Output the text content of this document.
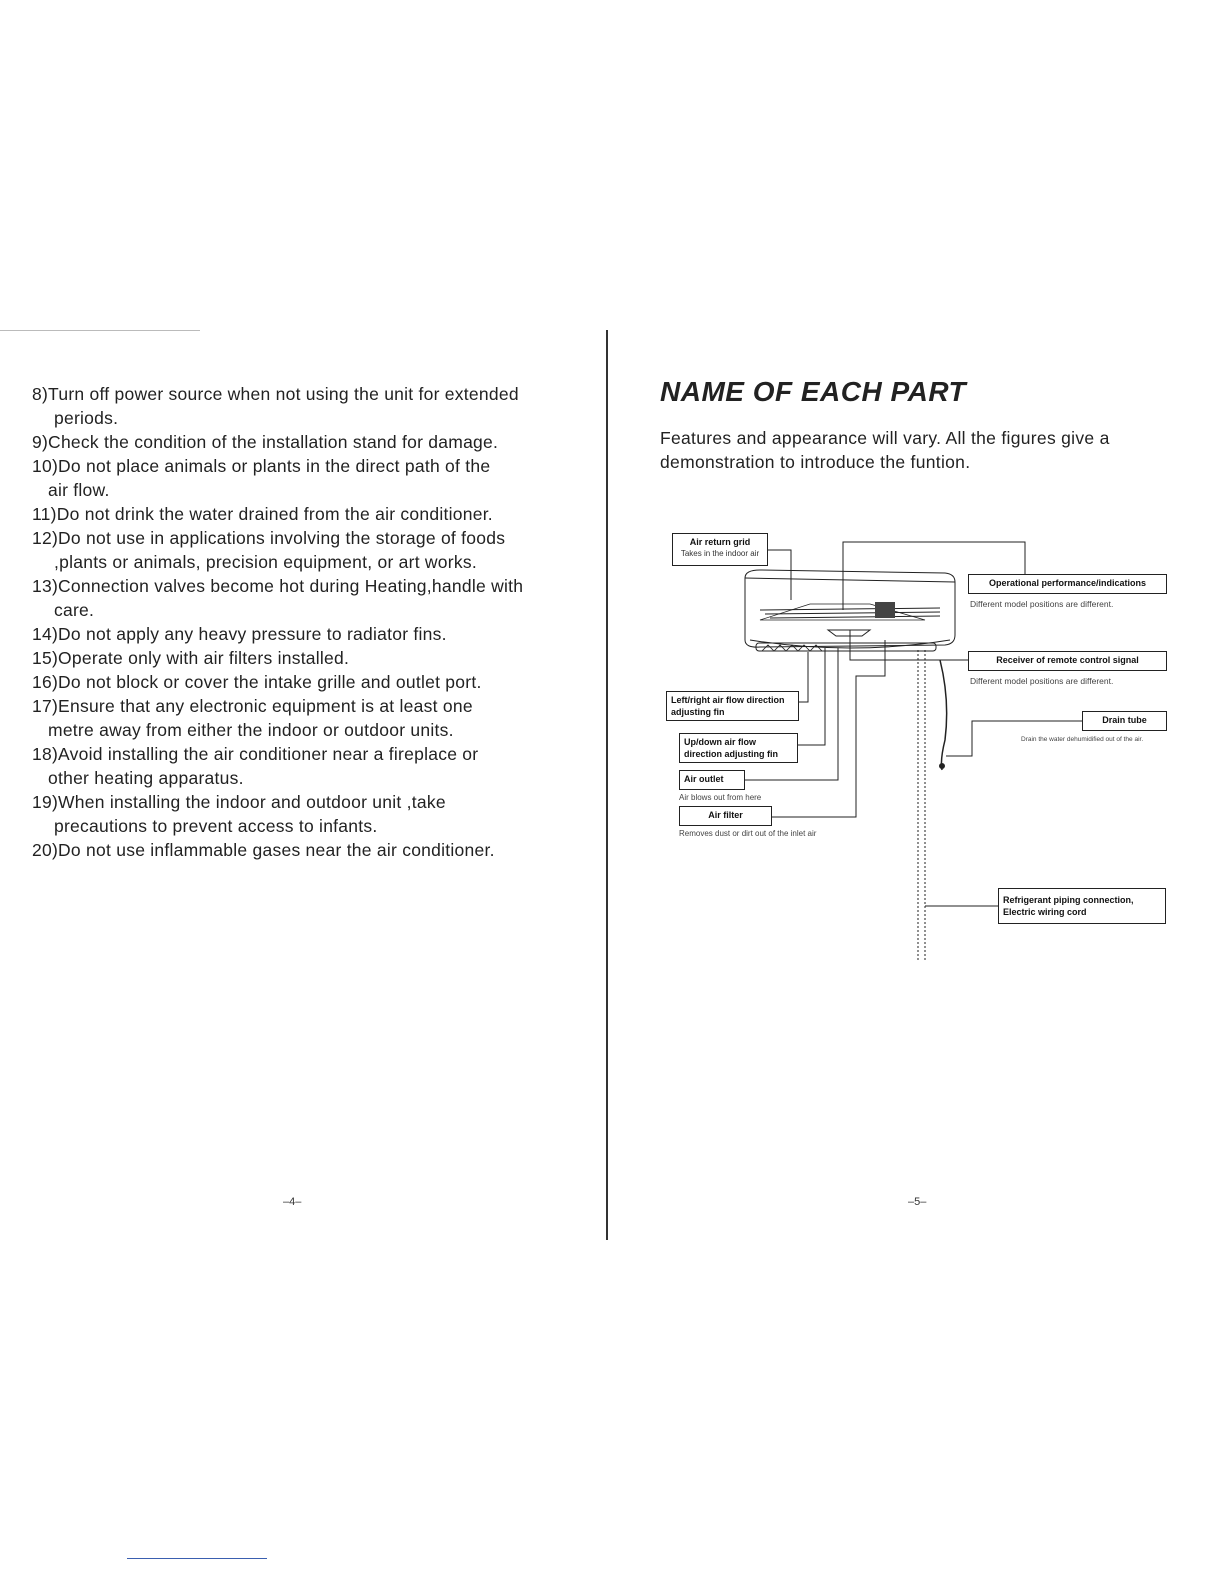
8)Turn off power source when not using the unit for extended
periods.
9)Check the condition of the installation stand for damage.
10)Do not place animals or plants in the direct path of the
air flow.
11)Do not drink the water drained from the air conditioner.
12)Do not use in applications involving the storage of foods
,plants or animals, precision equipment, or art works.
13)Connection valves become hot during Heating,handle with
care.
14)Do not apply any heavy pressure to radiator fins.
15)Operate only with air filters installed.
16)Do not block or cover the intake grille and outlet port.
17)Ensure that any electronic equipment is at least one
metre away from either the indoor or outdoor units.
18)Avoid installing the air conditioner near a fireplace or
other heating apparatus.
19)When installing the indoor and outdoor unit ,take
precautions to prevent access to infants.
20)Do not use inflammable gases near the air conditioner.
–4–
NAME OF EACH PART
Features and appearance will vary. All the figures give a demonstration to introduce the funtion.
Air return grid
Takes in the indoor air
Operational performance/indications
Different model positions are different.
Receiver of remote control signal
Different model positions are different.
Left/right air flow direction adjusting fin
Drain tube
Drain the water dehumidified out of the air.
Up/down air flow direction adjusting fin
Air outlet
Air blows out from here
Air filter
Removes dust or dirt out of the inlet air
Refrigerant piping connection, Electric wiring cord
–5–
